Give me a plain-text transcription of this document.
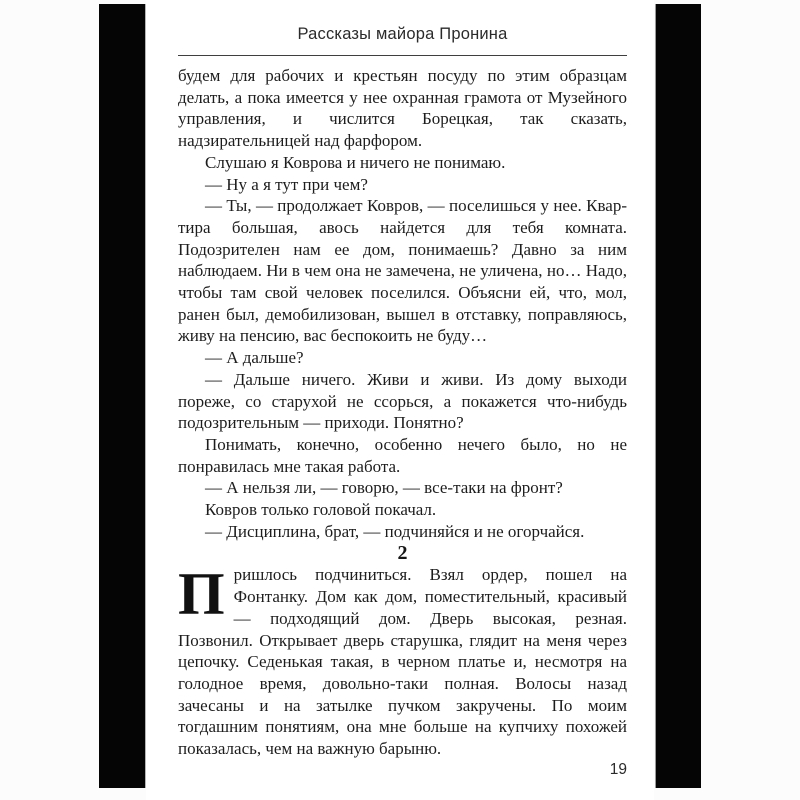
Рассказы майора Пронина

будем для рабочих и крестьян посуду по этим образцам делать, а пока имеется у нее охранная грамота от Музейного управления, и числится Борецкая, так сказать, надзирательницей над фарфором.

Слушаю я Коврова и ничего не понимаю.

— Ну а я тут при чем?

— Ты, — продолжает Ковров, — поселишься у нее. Квартира большая, авось найдется для тебя комната. Подозрителен нам ее дом, понимаешь? Давно за ним наблюдаем. Ни в чем она не замечена, не уличена, но… Надо, чтобы там свой человек поселился. Объясни ей, что, мол, ранен был, демобилизован, вышел в отставку, поправляюсь, живу на пенсию, вас беспокоить не буду…

— А дальше?

— Дальше ничего. Живи и живи. Из дому выходи пореже, со старухой не ссорься, а покажется что-нибудь подозрительным — приходи. Понятно?

Понимать, конечно, особенно нечего было, но не понравилась мне такая работа.

— А нельзя ли, — говорю, — все-таки на фронт?

Ковров только головой покачал.

— Дисциплина, брат, — подчиняйся и не огорчайся.

2

Пришлось подчиниться. Взял ордер, пошел на Фонтанку. Дом как дом, поместительный, красивый — подходящий дом. Дверь высокая, резная. Позвонил. Открывает дверь старушка, глядит на меня через цепочку. Седенькая такая, в черном платье и, несмотря на голодное время, довольно-таки полная. Волосы назад зачесаны и на затылке пучком закручены. По моим тогдашним понятиям, она мне больше на купчиху похожей показалась, чем на важную барыню.

19
